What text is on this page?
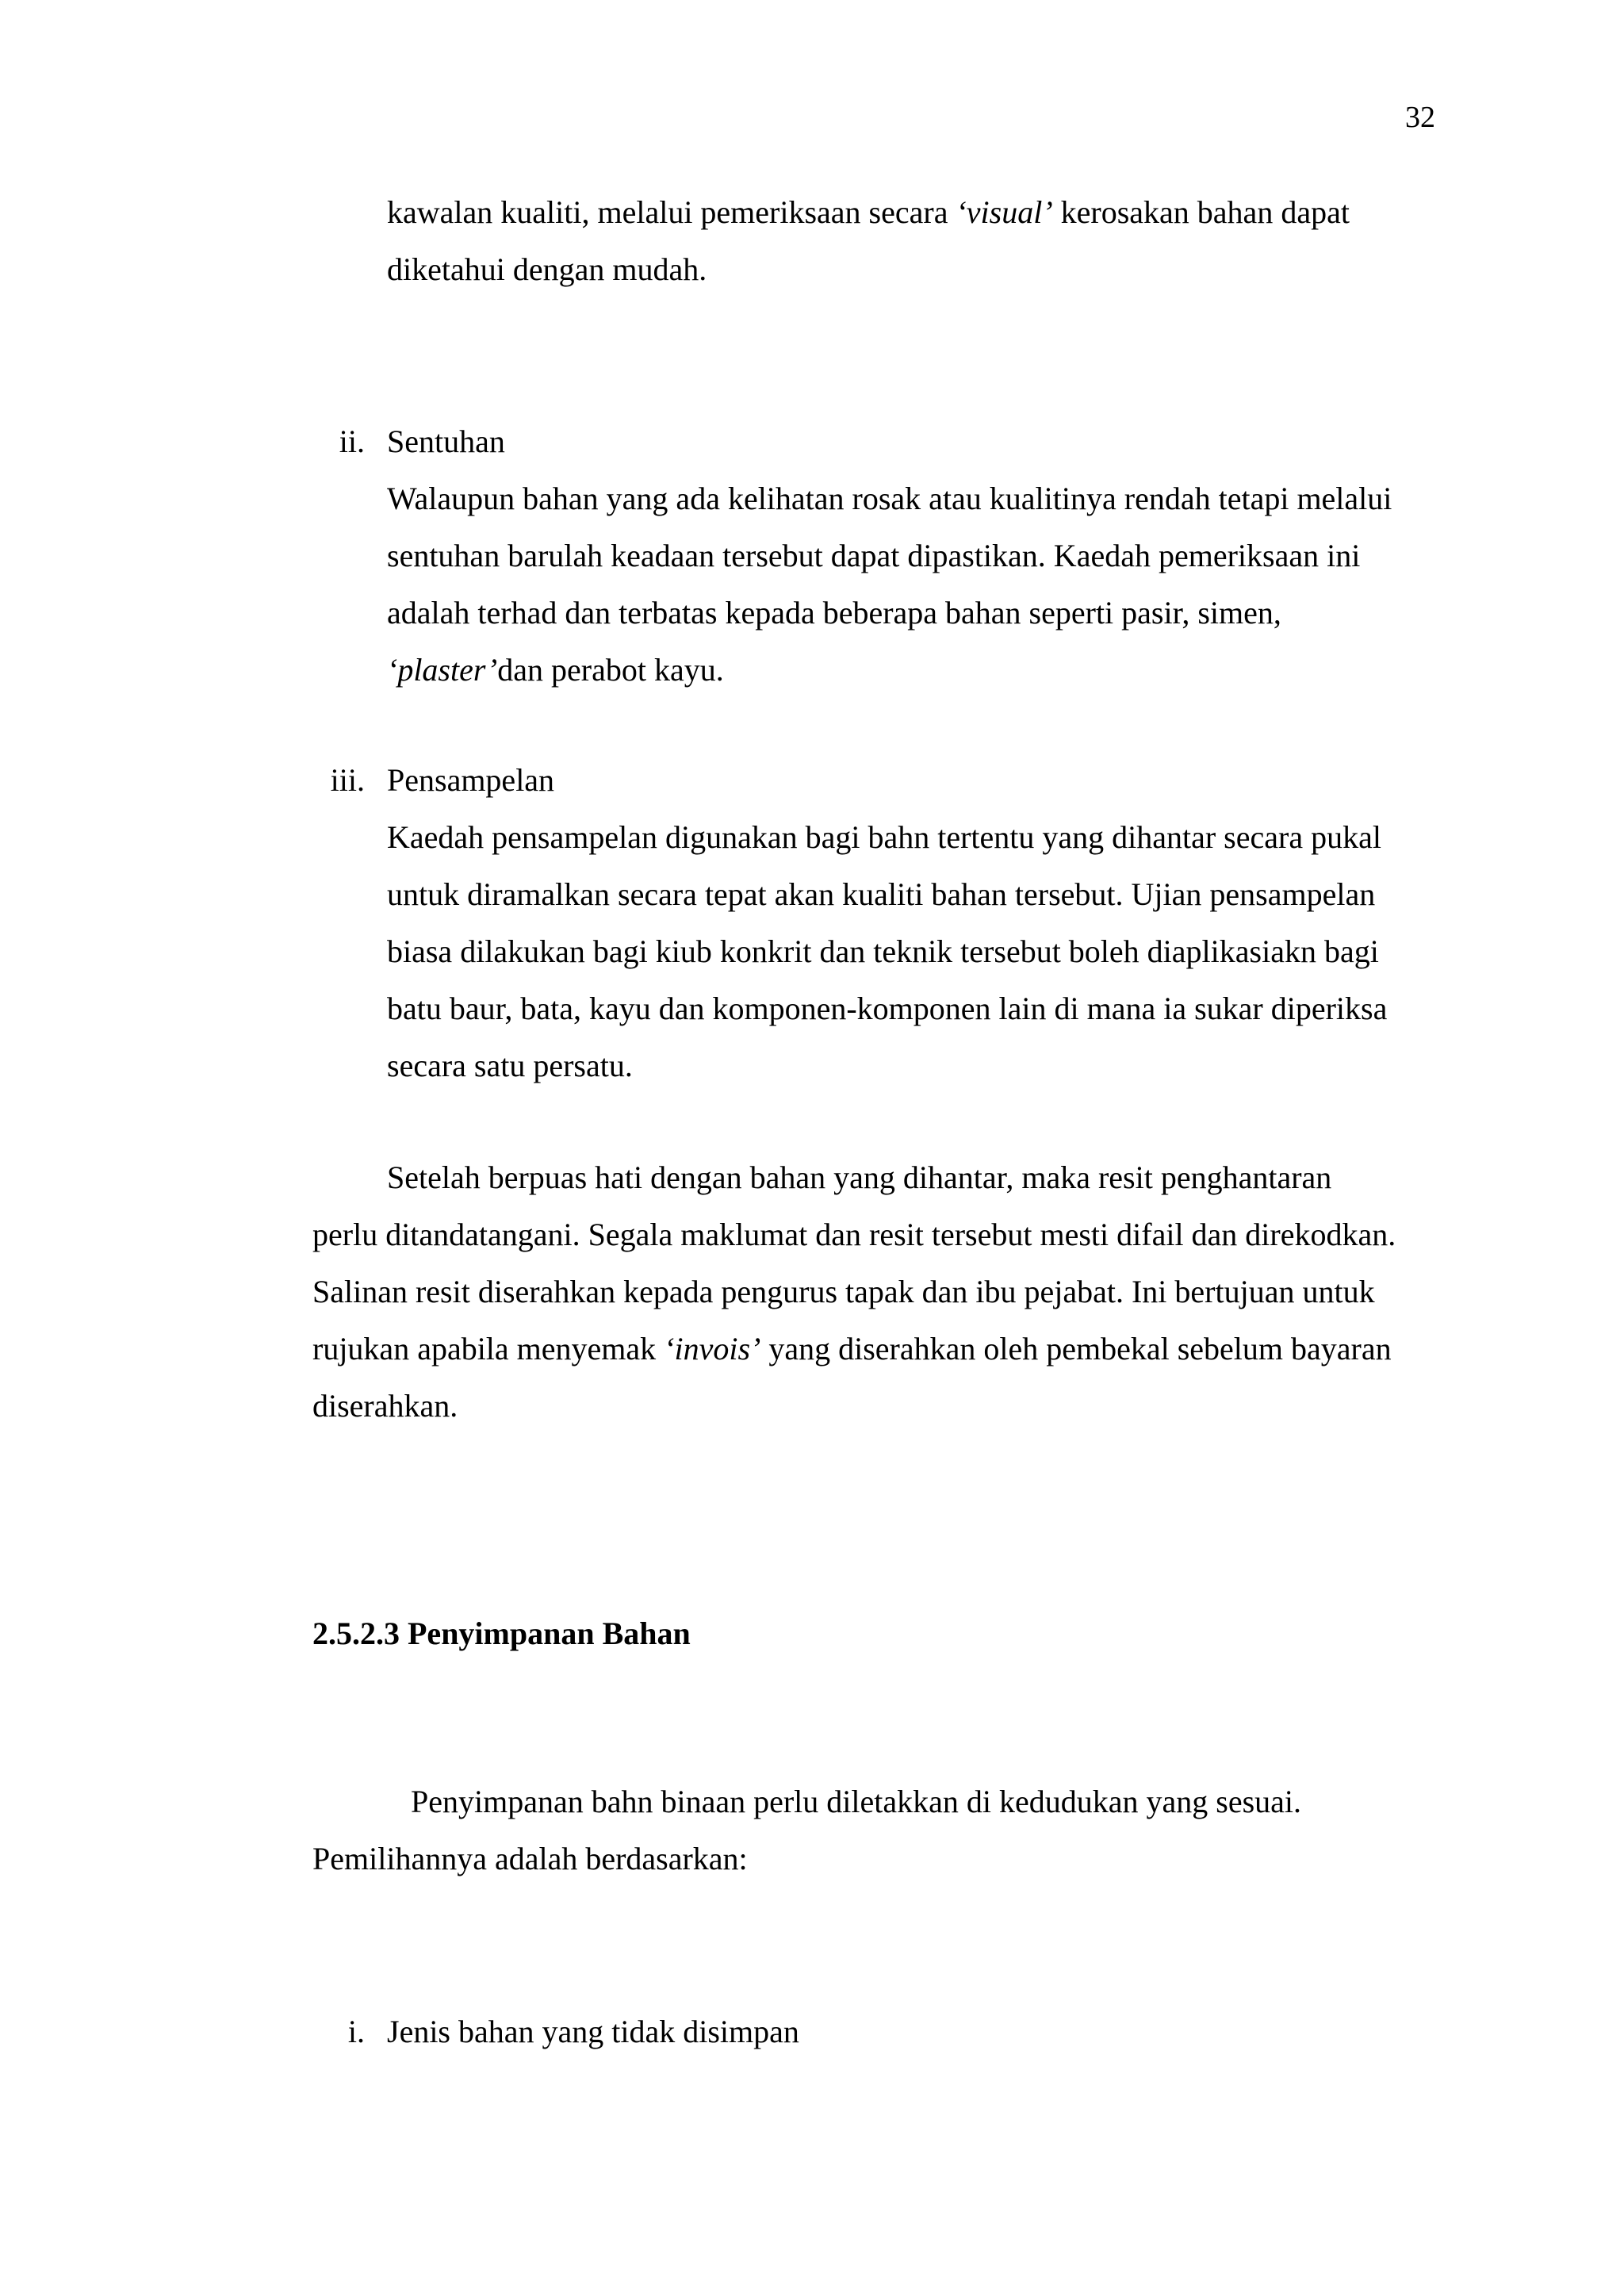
32
kawalan kualiti, melalui pemeriksaan secara ‘visual’ kerosakan bahan dapat
diketahui dengan mudah.
ii. Sentuhan
Walaupun bahan yang ada kelihatan rosak atau kualitinya rendah tetapi melalui
sentuhan barulah keadaan tersebut dapat dipastikan. Kaedah pemeriksaan ini
adalah terhad dan terbatas kepada beberapa bahan seperti pasir, simen,
‘plaster’dan perabot kayu.
iii. Pensampelan
Kaedah pensampelan digunakan bagi bahn tertentu yang dihantar secara pukal
untuk diramalkan secara tepat akan kualiti bahan tersebut. Ujian pensampelan
biasa dilakukan bagi kiub konkrit dan teknik tersebut boleh diaplikasiakn bagi
batu baur, bata, kayu dan komponen-komponen lain di mana ia sukar diperiksa
secara satu persatu.
Setelah berpuas hati dengan bahan yang dihantar, maka resit penghantaran
perlu ditandatangani. Segala maklumat dan resit tersebut mesti difail dan direkodkan.
Salinan resit diserahkan kepada pengurus tapak dan ibu pejabat. Ini bertujuan untuk
rujukan apabila menyemak ‘invois’ yang diserahkan oleh pembekal sebelum bayaran
diserahkan.
2.5.2.3 Penyimpanan Bahan
Penyimpanan bahn binaan perlu diletakkan di kedudukan yang sesuai.
Pemilihannya adalah berdasarkan:
i. Jenis bahan yang tidak disimpan
